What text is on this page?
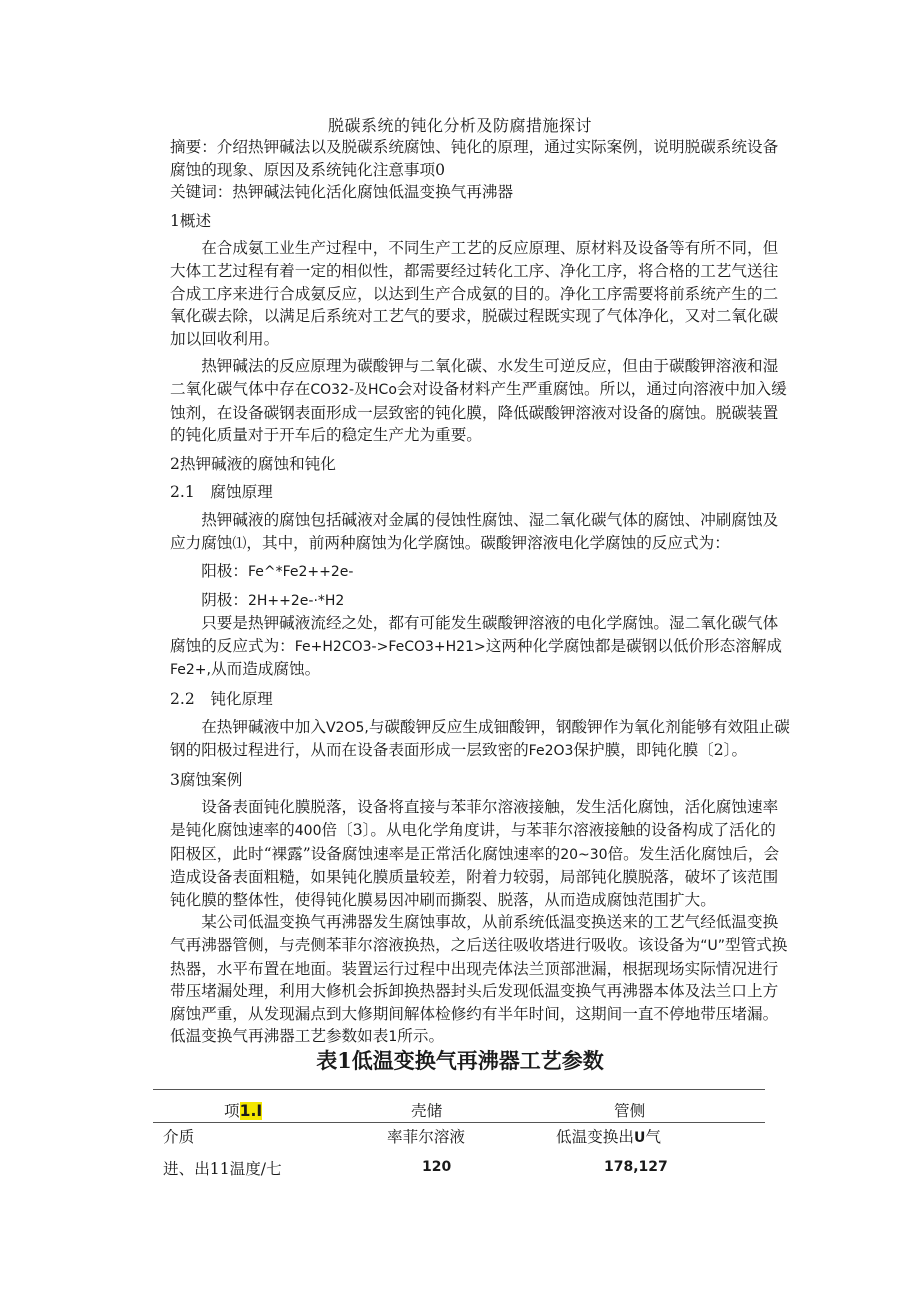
脱碳系统的钝化分析及防腐措施探讨

摘要：介绍热钾碱法以及脱碳系统腐蚀、钝化的原理，通过实际案例，说明脱碳系统设备腐蚀的现象、原因及系统钝化注意事项0

关键词：热钾碱法钝化活化腐蚀低温变换气再沸器

1概述

在合成氨工业生产过程中，不同生产工艺的反应原理、原材料及设备等有所不同，但大体工艺过程有着一定的相似性，都需要经过转化工序、净化工序，将合格的工艺气送往合成工序来进行合成氨反应，以达到生产合成氨的目的。净化工序需要将前系统产生的二氧化碳去除，以满足后系统对工艺气的要求，脱碳过程既实现了气体净化，又对二氧化碳加以回收利用。

热钾碱法的反应原理为碳酸钾与二氧化碳、水发生可逆反应，但由于碳酸钾溶液和湿二氧化碳气体中存在CO32-及HCo会对设备材料产生严重腐蚀。所以，通过向溶液中加入缓蚀剂，在设备碳钢表面形成一层致密的钝化膜，降低碳酸钾溶液对设备的腐蚀。脱碳装置的钝化质量对于开车后的稳定生产尤为重要。

2热钾碱液的腐蚀和钝化

2.1　腐蚀原理

热钾碱液的腐蚀包括碱液对金属的侵蚀性腐蚀、湿二氧化碳气体的腐蚀、冲刷腐蚀及应力腐蚀⑴，其中，前两种腐蚀为化学腐蚀。碳酸钾溶液电化学腐蚀的反应式为：

阳极：Fe^*Fe2++2e-

阴极：2H++2e-·*H2

只要是热钾碱液流经之处，都有可能发生碳酸钾溶液的电化学腐蚀。湿二氧化碳气体腐蚀的反应式为：Fe+H2CO3->FeCO3+H21>这两种化学腐蚀都是碳钢以低价形态溶解成Fe2+,从而造成腐蚀。

2.2　钝化原理

在热钾碱液中加入V2O5,与碳酸钾反应生成钿酸钾，钢酸钾作为氧化剂能够有效阻止碳钢的阳极过程进行，从而在设备表面形成一层致密的Fe2O3保护膜，即钝化膜〔2〕。

3腐蚀案例

设备表面钝化膜脱落，设备将直接与苯菲尔溶液接触，发生活化腐蚀，活化腐蚀速率是钝化腐蚀速率的400倍〔3〕。从电化学角度讲，与苯菲尔溶液接触的设备构成了活化的阳极区，此时“裸露”设备腐蚀速率是正常活化腐蚀速率的20~30倍。发生活化腐蚀后，会造成设备表面粗糙，如果钝化膜质量较差，附着力较弱，局部钝化膜脱落，破坏了该范围钝化膜的整体性，使得钝化膜易因冲刷而撕裂、脱落，从而造成腐蚀范围扩大。

某公司低温变换气再沸器发生腐蚀事故，从前系统低温变换送来的工艺气经低温变换气再沸器管侧，与壳侧苯菲尔溶液换热，之后送往吸收塔进行吸收。该设备为“U”型管式换热器，水平布置在地面。装置运行过程中出现壳体法兰顶部泄漏，根据现场实际情况进行带压堵漏处理，利用大修机会拆卸换热器封头后发现低温变换气再沸器本体及法兰口上方腐蚀严重，从发现漏点到大修期间解体检修约有半年时间，这期间一直不停地带压堵漏。低温变换气再沸器工艺参数如表1所示。

表1低温变换气再沸器工艺参数
项1.I	壳储	管侧
介质	率菲尔溶液	低温变换出U气
进、出11温度/七	120	178,127
